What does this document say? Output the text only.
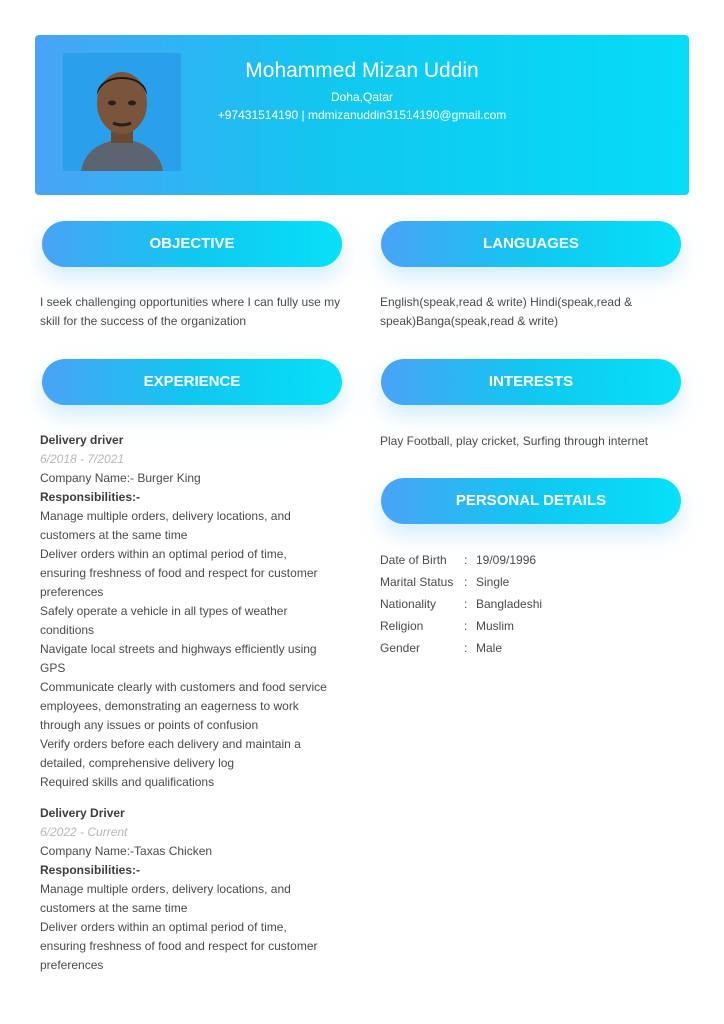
Mohammed Mizan Uddin
Doha,Qatar
+97431514190 | mdmizanuddin31514190@gmail.com
OBJECTIVE	LANGUAGES
I seek challenging opportunities where I can fully use my skill for the success of the organization
English(speak,read & write) Hindi(speak,read & speak)Banga(speak,read & write)
EXPERIENCE	INTERESTS
Play Football, play cricket, Surfing through internet
PERSONAL DETAILS
Delivery driver
6/2018 - 7/2021
Company Name:- Burger King
Responsibilities:-
Manage multiple orders, delivery locations, and
customers at the same time
Deliver orders within an optimal period of time,
ensuring freshness of food and respect for customer
preferences
Safely operate a vehicle in all types of weather
conditions
Navigate local streets and highways efficiently using
GPS
Communicate clearly with customers and food service
employees, demonstrating an eagerness to work
through any issues or points of confusion
Verify orders before each delivery and maintain a
detailed, comprehensive delivery log
Required skills and qualifications
Delivery Driver
6/2022 - Current
Company Name:-Taxas Chicken
Responsibilities:-
Manage multiple orders, delivery locations, and
customers at the same time
Deliver orders within an optimal period of time,
ensuring freshness of food and respect for customer
preferences
Date of Birth	: 19/09/1996
Marital Status : Single
Nationality	: Bangladeshi
Religion	: Muslim
Gender	: Male
